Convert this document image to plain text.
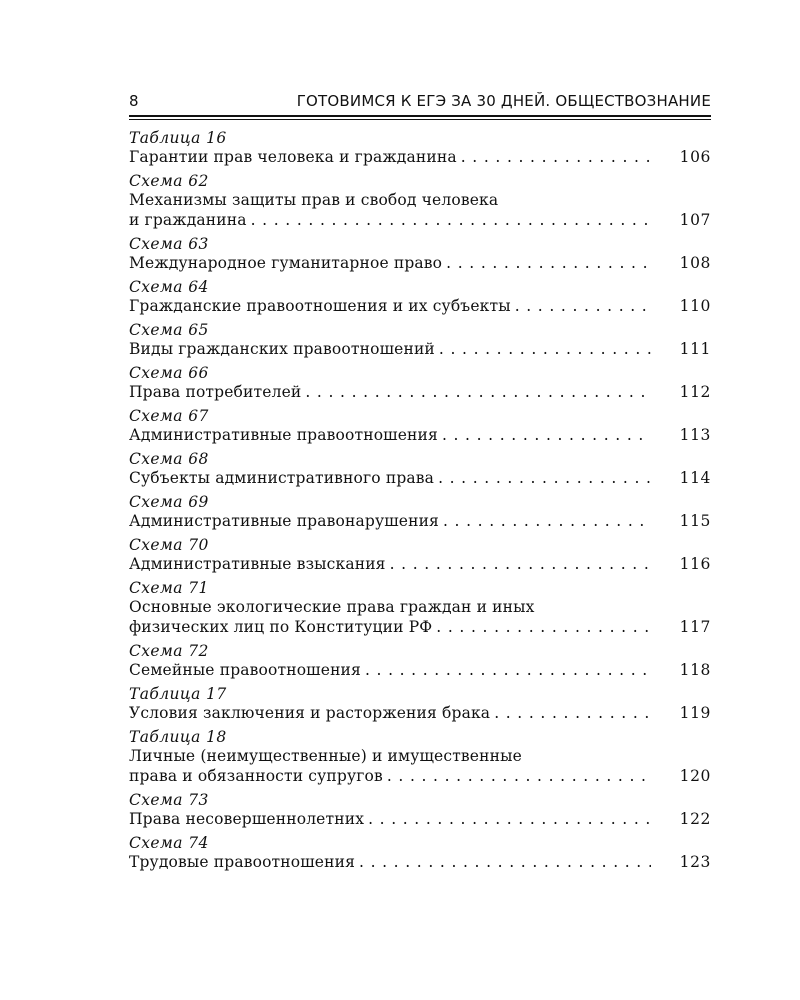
8	ГОТОВИМСЯ К ЕГЭ ЗА 30 ДНЕЙ. ОБЩЕСТВОЗНАНИЕ
Таблица 16
Гарантии прав человека и гражданина . . .	106
Схема 62
Механизмы защиты прав и свобод человека
и гражданина . . .	107
Схема 63
Международное гуманитарное право . . .	108
Схема 64
Гражданские правоотношения и их субъекты . . .	110
Схема 65
Виды гражданских правоотношений . . .	111
Схема 66
Права потребителей . . .	112
Схема 67
Административные правоотношения . . .	113
Схема 68
Субъекты административного права . . .	114
Схема 69
Административные правонарушения . . .	115
Схема 70
Административные взыскания . . .	116
Схема 71
Основные экологические права граждан и иных
физических лиц по Конституции РФ . . .	117
Схема 72
Семейные правоотношения . . .	118
Таблица 17
Условия заключения и расторжения брака . . .	119
Таблица 18
Личные (неимущественные) и имущественные
права и обязанности супругов . . .	120
Схема 73
Права несовершеннолетних . . .	122
Схема 74
Трудовые правоотношения . . .	123
